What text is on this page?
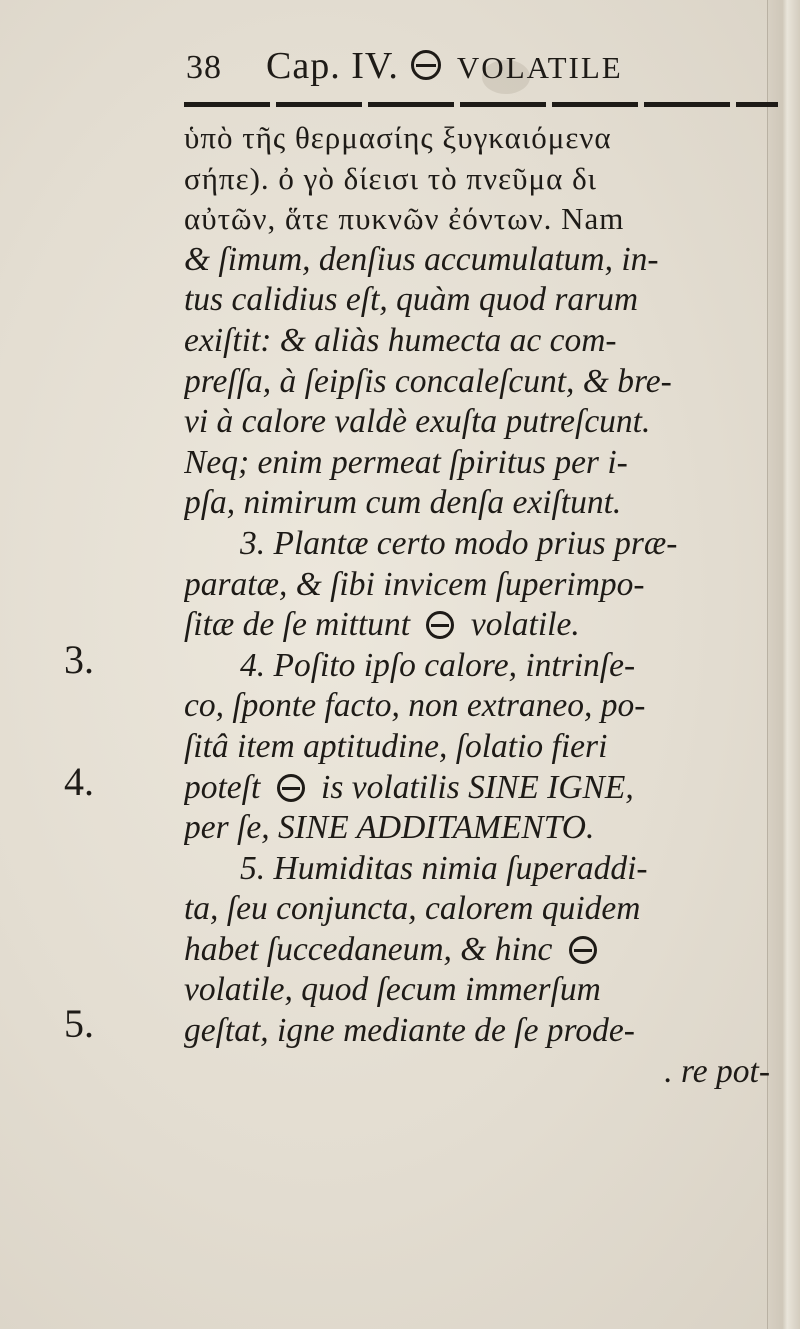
38 Cap. IV. VOLATILE
3.
4.
5.
ὑπὸ τῆς θερμασίης ξυγκαιόμενα
σήπε). ὀ γὸ δίεισι τὸ πνεῦμα δι
αὐτῶν, ἅτε πυκνῶν ἐόντων. Nam
& ſimum, denſius accumulatum, in-
tus calidius eſt, quàm quod rarum
exiſtit: & aliàs humecta ac com-
preſſa, à ſeipſis concaleſcunt, & bre-
vi à calore valdè exuſta putreſcunt.
Neq; enim permeat ſpiritus per i-
pſa, nimirum cum denſa exiſtunt.
3. Plantæ certo modo prius præ-
paratæ, & ſibi invicem ſuperimpo-
ſitæ de ſe mittunt volatile.
4. Poſito ipſo calore, intrinſe-
co, ſponte facto, non extraneo, po-
ſitâ item aptitudine, ſolatio fieri
poteſt is volatilis SINE IGNE,
per ſe, SINE ADDITAMENTO.
5. Humiditas nimia ſuperaddi-
ta, ſeu conjuncta, calorem quidem
habet ſuccedaneum, & hinc
volatile, quod ſecum immerſum
geſtat, igne mediante de ſe prode-
. re pot-
